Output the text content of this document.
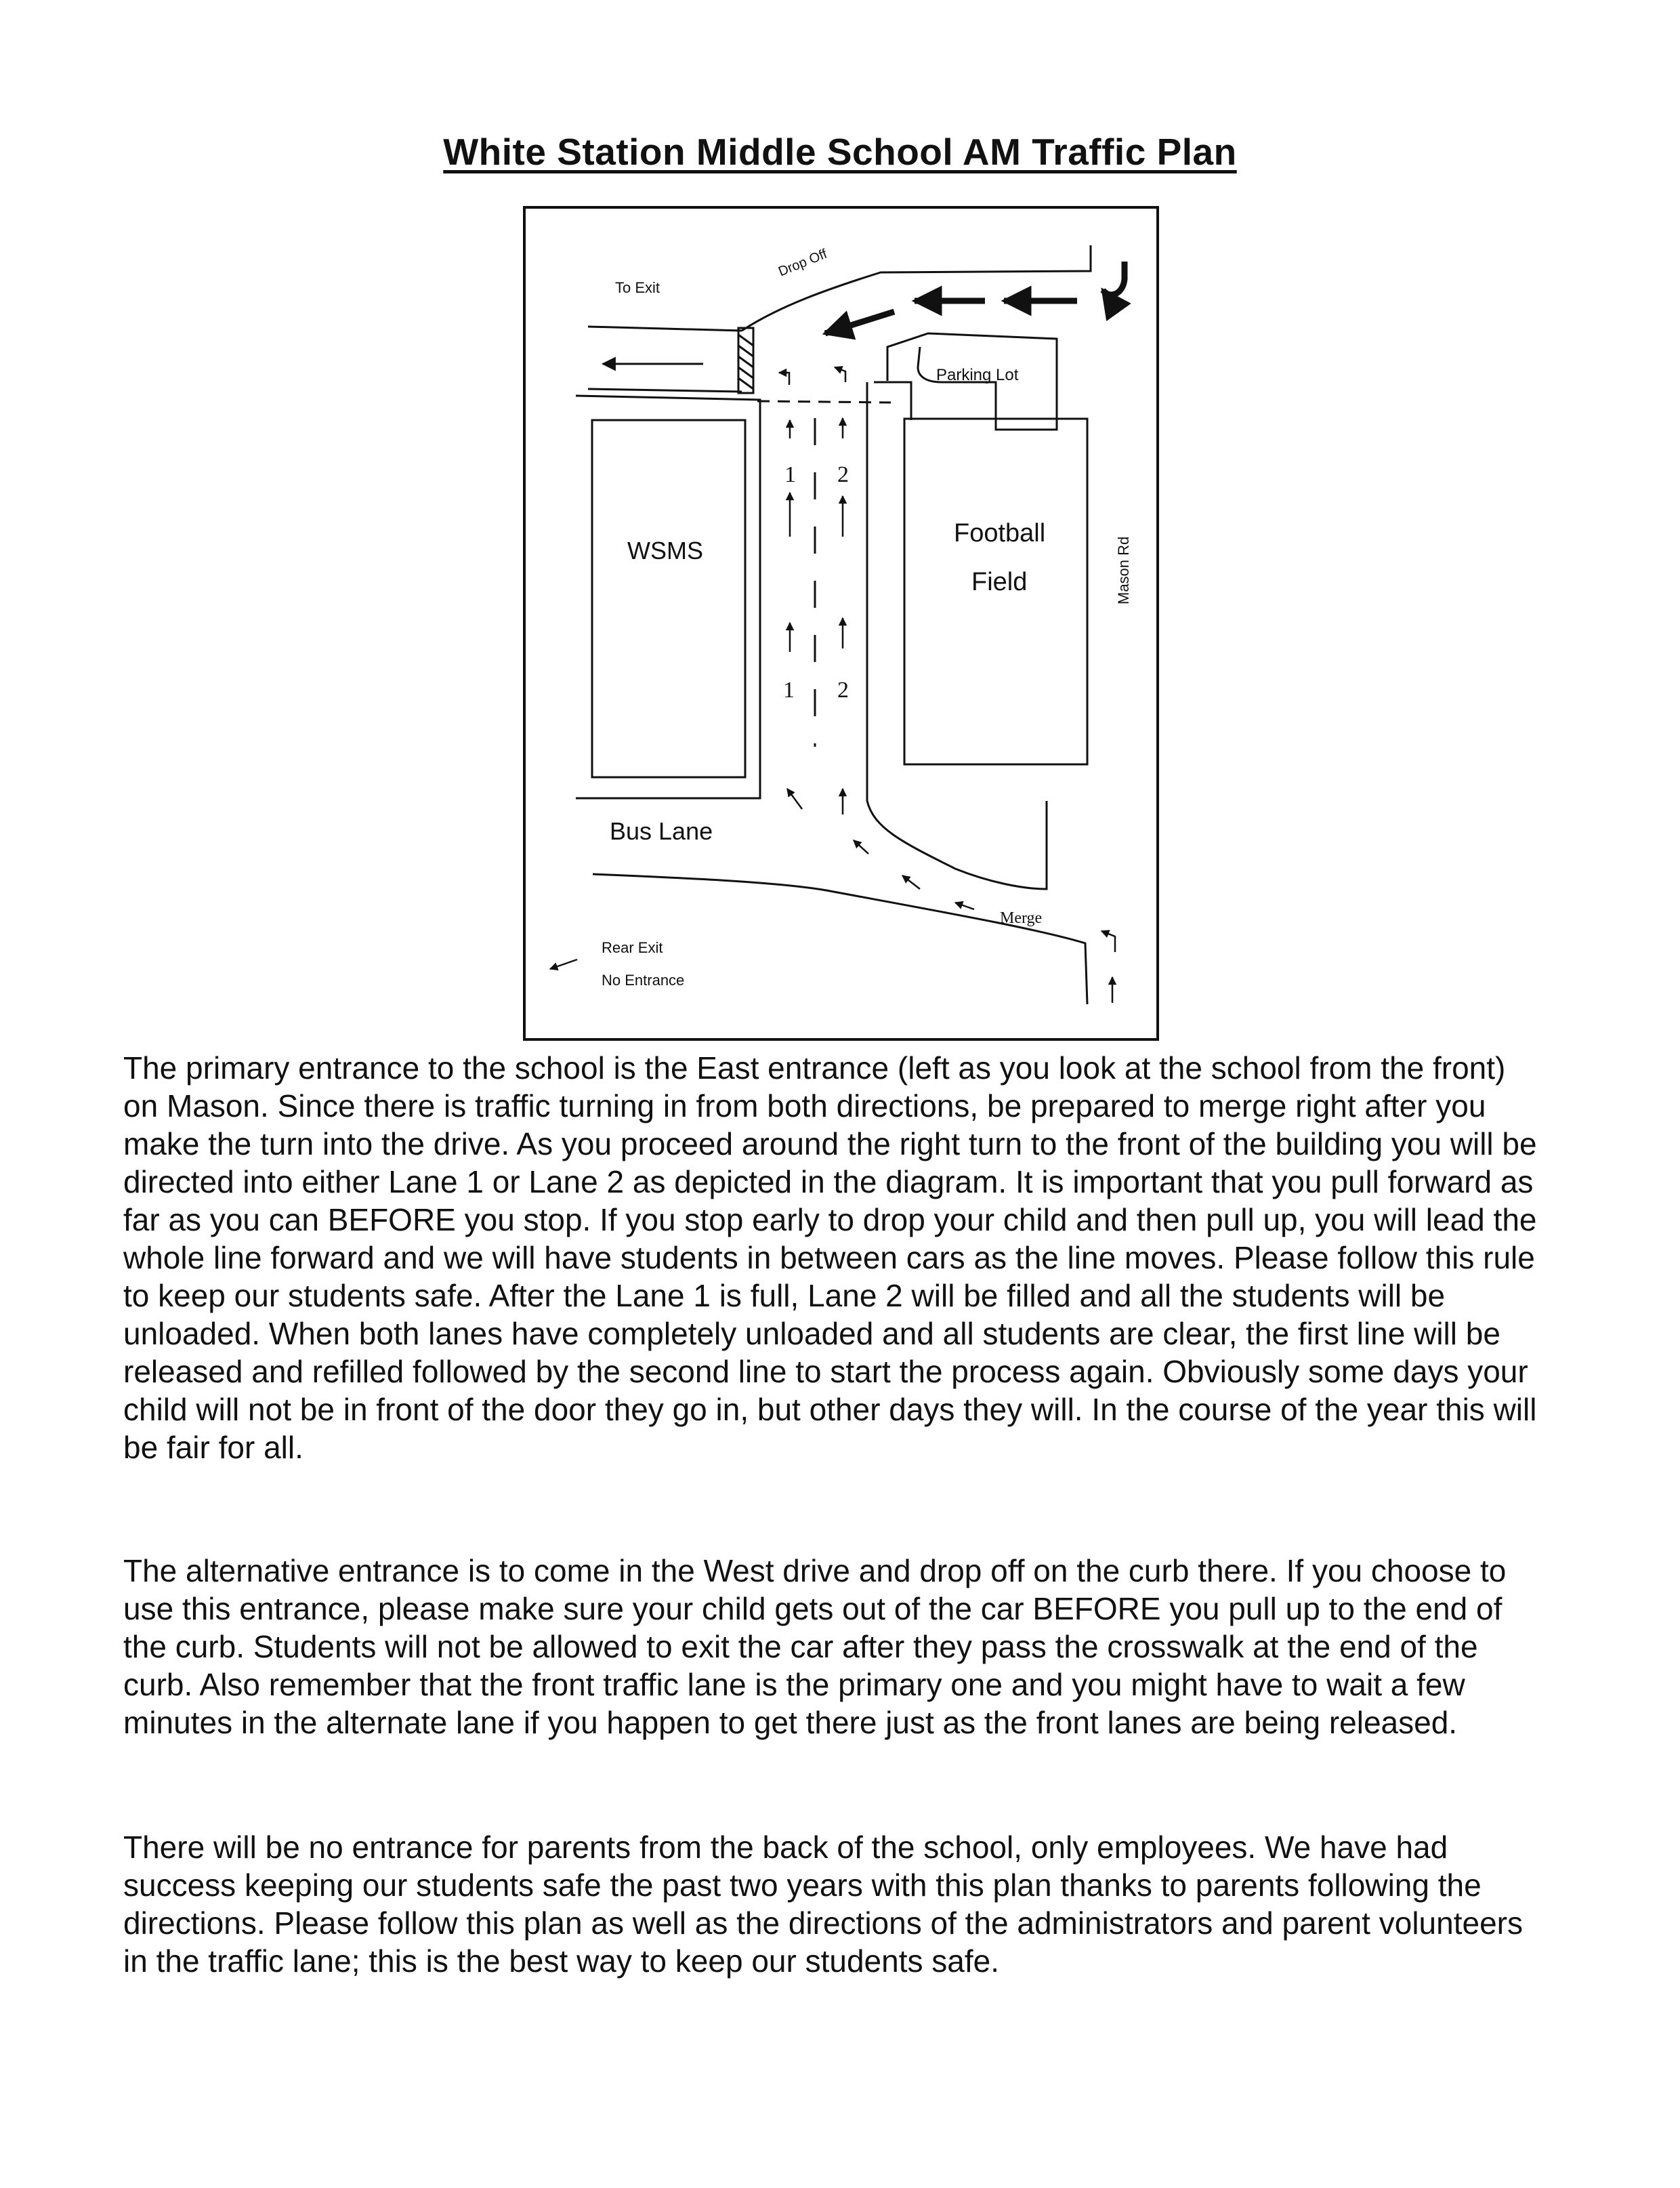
White Station Middle School AM Traffic Plan
To Exit
Drop Off
Parking Lot
WSMS
Football
Field	Mason Rd
Bus Lane
Merge
Rear Exit
No Entrance
1 2
1 2

The primary entrance to the school is the East entrance (left as you look at the school from the front) on Mason. Since there is traffic turning in from both directions, be prepared to merge right after you make the turn into the drive. As you proceed around the right turn to the front of the building you will be directed into either Lane 1 or Lane 2 as depicted in the diagram. It is important that you pull forward as far as you can BEFORE you stop. If you stop early to drop your child and then pull up, you will lead the whole line forward and we will have students in between cars as the line moves. Please follow this rule to keep our students safe. After the Lane 1 is full, Lane 2 will be filled and all the students will be unloaded. When both lanes have completely unloaded and all students are clear, the first line will be released and refilled followed by the second line to start the process again. Obviously some days your child will not be in front of the door they go in, but other days they will. In the course of the year this will be fair for all.

The alternative entrance is to come in the West drive and drop off on the curb there. If you choose to use this entrance, please make sure your child gets out of the car BEFORE you pull up to the end of the curb. Students will not be allowed to exit the car after they pass the crosswalk at the end of the curb. Also remember that the front traffic lane is the primary one and you might have to wait a few minutes in the alternate lane if you happen to get there just as the front lanes are being released.

There will be no entrance for parents from the back of the school, only employees. We have had success keeping our students safe the past two years with this plan thanks to parents following the directions. Please follow this plan as well as the directions of the administrators and parent volunteers in the traffic lane; this is the best way to keep our students safe.
